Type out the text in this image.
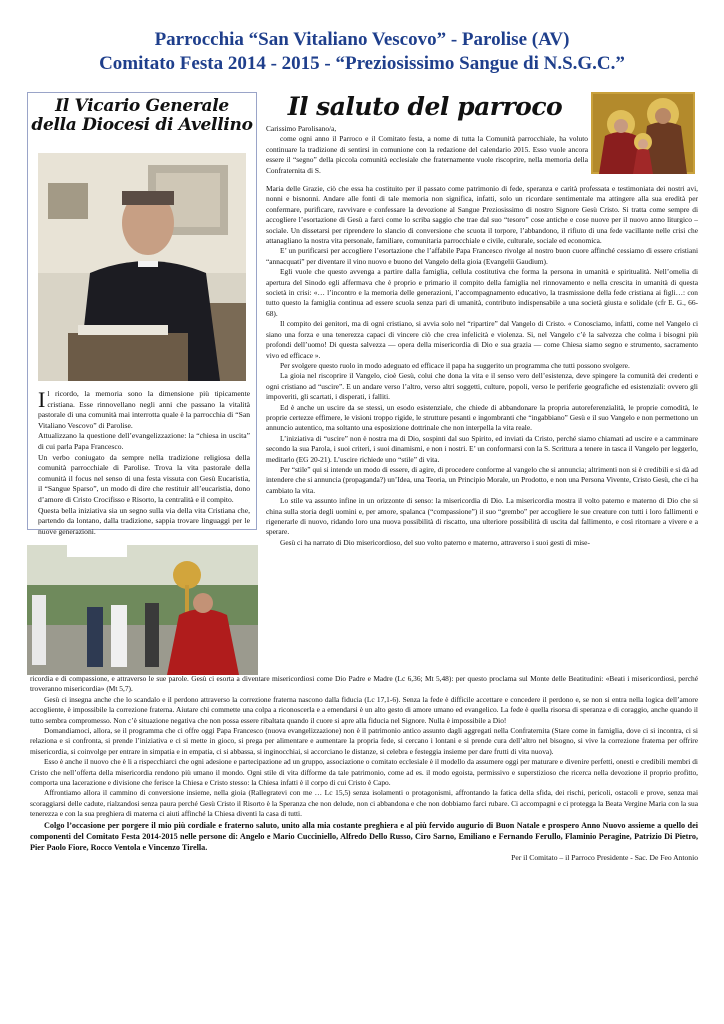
Parrocchia “San Vitaliano Vescovo” - Parolise (AV)
Comitato Festa 2014 - 2015 - “Preziosissimo Sangue di N.S.G.C.”
Il Vicario Generale
della Diocesi di Avellino

Il ricordo, la memoria sono la dimensione più tipicamente cristiana. Esse rinnovellano negli anni che passano la vitalità pastorale di una comunità mai interrotta quale è la parrocchia di “San Vitaliano Vescovo” di Parolise.

Attualizzano la questione dell’evangelizzazione: la “chiesa in uscita” di cui parla Papa Francesco.

Un verbo coniugato da sempre nella tradizione religiosa della comunità parrocchiale di Parolise. Trova la vita pastorale della comunità il focus nel senso di una festa vissuta con Gesù Eucaristia, il “Sangue Sparso”, un modo di dire che restituir all’eucaristia, dono d’amore di Cristo Crocifisso e Risorto, la centralità e il compito.

Questa bella iniziativa sia un segno sulla via della vita Cristiana che, partendo da lontano, dalla tradizione, sappia trovare linguaggi per le nuove generazioni.

Il saluto del parroco

Carissimo Parolisano/a,

come ogni anno il Parroco e il Comitato festa, a nome di tutta la Comunità parrocchiale, ha voluto continuare la tradizione di sentirsi in comunione con la redazione del calendario 2015. Esso vuole ancora essere il “segno” della piccola comunità ecclesiale che fraternamente vuole riscoprire, nella memoria della Confraternita di S.

Maria delle Grazie, ciò che essa ha costituito per il passato come patrimonio di fede, speranza e carità professata e testimoniata dei nostri avi, nonni e bisnonni. Andare alle fonti di tale memoria non significa, infatti, solo un ricordare sentimentale ma attingere alla sua eredità per confermare, purificare, ravvivare e confessare la devozione al Sangue Preziosissimo di nostro Signore Gesù Cristo. Si tratta come sempre di accogliere l’esortazione di Gesù a farci come lo scriba saggio che trae dal suo “tesoro” cose antiche e cose nuove per il nuovo anno liturgico – sociale. Un dissetarsi per riprendere lo slancio di conversione che scuota il torpore, l’abbandono, il rifiuto di una fede vacillante nelle crisi che attanagliano la nostra vita personale, familiare, comunitaria parrocchiale e civile, culturale, sociale ed economica.

E’ un purificarsi per accogliere l’esortazione che l’affabile Papa Francesco rivolge al nostro buon cuore affinché cessiamo di essere cristiani “annacquati” per diventare il vino nuovo e buono del Vangelo della gioia (Evangelii Gaudium).

Egli vuole che questo avvenga a partire dalla famiglia, cellula costitutiva che forma la persona in umanità e spiritualità. Nell’omelia di apertura del Sinodo egli affermava che è proprio e primario il compito della famiglia nel rinnovamento e nella crescita in umanità di questa società in crisi: «… l’incontro e la memoria delle generazioni, l’accompagnamento educativo, la trasmissione della fede cristiana ai figli…: con tutto questo la famiglia continua ad essere scuola senza pari di umanità, contributo indispensabile a una società giusta e solidale (cfr E. G., 66-68).

Il compito dei genitori, ma di ogni cristiano, si avvia solo nel “ripartire” dal Vangelo di Cristo. « Conosciamo, infatti, come nel Vangelo ci siano una forza e una tenerezza capaci di vincere ciò che crea infelicità e violenza. Si, nel Vangelo c’è la salvezza che colma i bisogni più profondi dell’uomo! Di questa salvezza — opera della misericordia di Dio e sua grazia — come Chiesa siamo segno e strumento, sacramento vivo ed efficace ».

Per svolgere questo ruolo in modo adeguato ed efficace il papa ha suggerito un programma che tutti possono svolgere.

La gioia nel riscoprire il Vangelo, cioè Gesù, colui che dona la vita e il senso vero dell’esistenza, deve spingere la comunità dei credenti e ogni cristiano ad “uscire”. E un andare verso l’altro, verso altri soggetti, culture, popoli, verso le periferie geografiche ed esistenziali: ovvero gli impoveriti, gli scartati, i disperati, i falliti.

Ed è anche un uscire da se stessi, un esodo esistenziale, che chiede di abbandonare la propria autoreferenzialità, le proprie comodità, le proprie certezze effimere, le visioni troppo rigide, le strutture pesanti e ingombranti che “ingabbiano” Gesù e il suo Vangelo e non permettono un annuncio autentico, ma soltanto una esposizione dottrinale che non interpella la vita reale.

L’iniziativa di “uscire” non è nostra ma di Dio, sospinti dal suo Spirito, ed inviati da Cristo, perché siamo chiamati ad uscire e a camminare secondo la sua Parola, i suoi criteri, i suoi dinamismi, e non i nostri. E’ un conformarsi con la S. Scrittura a tenere in tasca il Vangelo per leggerlo, meditarlo (EG 20-21). L’uscire richiede uno “stile” di vita.

Per “stile” qui si intende un modo di essere, di agire, di procedere conforme al vangelo che si annuncia; altrimenti non si è credibili e si dà ad intendere che si annuncia (propaganda?) un’Idea, una Teoria, un Principio Morale, un Prodotto, e non una Persona Vivente, Cristo Gesù, che ci ha cambiato la vita.

Lo stile va assunto infine in un orizzonte di senso: la misericordia di Dio. La misericordia mostra il volto paterno e materno di Dio che si china sulla storia degli uomini e, per amore, spalanca (“compassione”) il suo “grembo” per accogliere le sue creature con tutti i loro fallimenti e rigenerarle di nuovo, ridando loro una nuova possibilità di riscatto, una ulteriore possibilità di uscita dal fallimento, e così ritornare a vivere e a sperare.

Gesù ci ha narrato di Dio misericordioso, del suo volto paterno e materno, attraverso i suoi gesti di mise-

ricordia e di compassione, e attraverso le sue parole. Gesù ci esorta a diventare misericordiosi come Dio Padre e Madre (Lc 6,36; Mt 5,48): per questo proclama sul Monte delle Beatitudini: «Beati i misericordiosi, perché troveranno misericordia» (Mt 5,7).

Gesù ci insegna anche che lo scandalo e il perdono attraverso la correzione fraterna nascono dalla fiducia (Lc 17,1-6). Senza la fede è difficile accettare e concedere il perdono e, se non si entra nella logica dell’amore accogliente, è impossibile la correzione fraterna. Aiutare chi commette una colpa a riconoscerla e a emendarsi è un alto gesto di amore umano ed evangelico. La fede è quella risorsa di speranza e di coraggio, anche quando il tutto sembra compromesso. Non c’è situazione negativa che non possa essere ribaltata quando il cuore si apre alla fiducia nel Signore. Nulla è impossibile a Dio!

Domandiamoci, allora, se il programma che ci offre oggi Papa Francesco (nuova evangelizzazione) non è il patrimonio antico assunto dagli aggregati nella Confraternita (Stare come in famiglia, dove ci si incontra, ci si relaziona e si confronta, si prende l’iniziativa e ci si mette in gioco, si prega per alimentare e aumentare la propria fede, si cercano i lontani e si prende cura dell’altro nel bisogno, si vive la correzione fraterna per offrire misericordia, si coinvolge per entrare in simpatia e in empatia, ci si abbassa, si inginocchiai, si accorciano le distanze, si celebra e festeggia insieme per dare frutti di vita nuova).

Esso è anche il nuovo che è li a rispecchiarci che ogni adesione e partecipazione ad un gruppo, associazione o comitato ecclesiale è il modello da assumere oggi per maturare e divenire perfetti, onesti e credibili membri di Cristo che nell’offerta della misericordia rendono più umano il mondo. Ogni stile di vita difforme da tale patrimonio, come ad es. il modo egoista, permissivo e superstizioso che ricerca nella devozione il proprio profitto, comporta una lacerazione e divisione che ferisce la Chiesa e Cristo stesso: la Chiesa infatti è il corpo di cui Cristo è Capo.

Affrontiamo allora il cammino di conversione insieme, nella gioia (Rallegratevi con me … Lc 15,5) senza isolamenti o protagonismi, affrontando la fatica della sfida, dei rischi, pericoli, ostacoli e prove, senza mai scoraggiarsi delle cadute, rialzandosi senza paura perché Gesù Cristo il Risorto è la Speranza che non delude, non ci abbandona e che non dobbiamo farci rubare. Ci accompagni e ci protegga la Beata Vergine Maria con la sua tenerezza e con la sua preghiera di materna ci aiuti affinché la Chiesa diventi la casa di tutti.

Colgo l’occasione per porgere il mio più cordiale e fraterno saluto, unito alla mia costante preghiera e al più fervido augurio di Buon Natale e prospero Anno Nuovo assieme a quello dei componenti del Comitato Festa 2014-2015 nelle persone di: Angelo e Mario Cucciniello, Alfredo Dello Russo, Ciro Sarno, Emiliano e Fernando Ferullo, Flaminio Peragine, Patrizio Di Pietro, Pier Paolo Fiore, Rocco Ventola e Vincenzo Tirella.

Per il Comitato – il Parroco Presidente - Sac. De Feo Antonio
